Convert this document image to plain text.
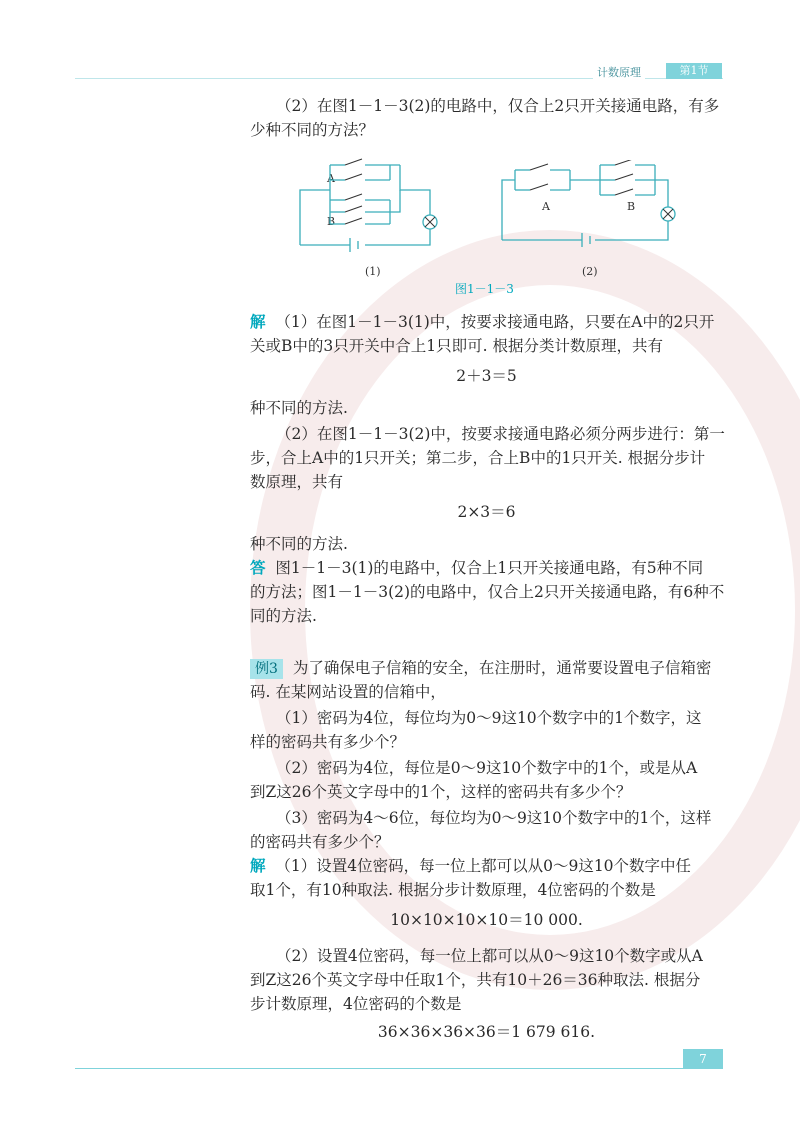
计数原理	第1节
（2）在图1－1－3(2)的电路中，仅合上2只开关接通电路，有多
少种不同的方法？
A
B
(1)
A	B
(2)
图1－1－3
解 （1）在图1－1－3(1)中，按要求接通电路，只要在A中的2只开
关或B中的3只开关中合上1只即可. 根据分类计数原理，共有
2＋3＝5
种不同的方法.
（2）在图1－1－3(2)中，按要求接通电路必须分两步进行：第一
步，合上A中的1只开关；第二步，合上B中的1只开关. 根据分步计
数原理，共有
2×3＝6
种不同的方法.
答 图1－1－3(1)的电路中，仅合上1只开关接通电路，有5种不同
的方法；图1－1－3(2)的电路中，仅合上2只开关接通电路，有6种不
同的方法.
例3 为了确保电子信箱的安全，在注册时，通常要设置电子信箱密
码. 在某网站设置的信箱中，
（1）密码为4位，每位均为0～9这10个数字中的1个数字，这
样的密码共有多少个？
（2）密码为4位，每位是0～9这10个数字中的1个，或是从A
到Z这26个英文字母中的1个，这样的密码共有多少个？
（3）密码为4～6位，每位均为0～9这10个数字中的1个，这样
的密码共有多少个？
解 （1）设置4位密码，每一位上都可以从0～9这10个数字中任
取1个，有10种取法. 根据分步计数原理，4位密码的个数是
10×10×10×10＝10 000.
（2）设置4位密码，每一位上都可以从0～9这10个数字或从A
到Z这26个英文字母中任取1个，共有10＋26＝36种取法. 根据分
步计数原理，4位密码的个数是
36×36×36×36＝1 679 616.
7
